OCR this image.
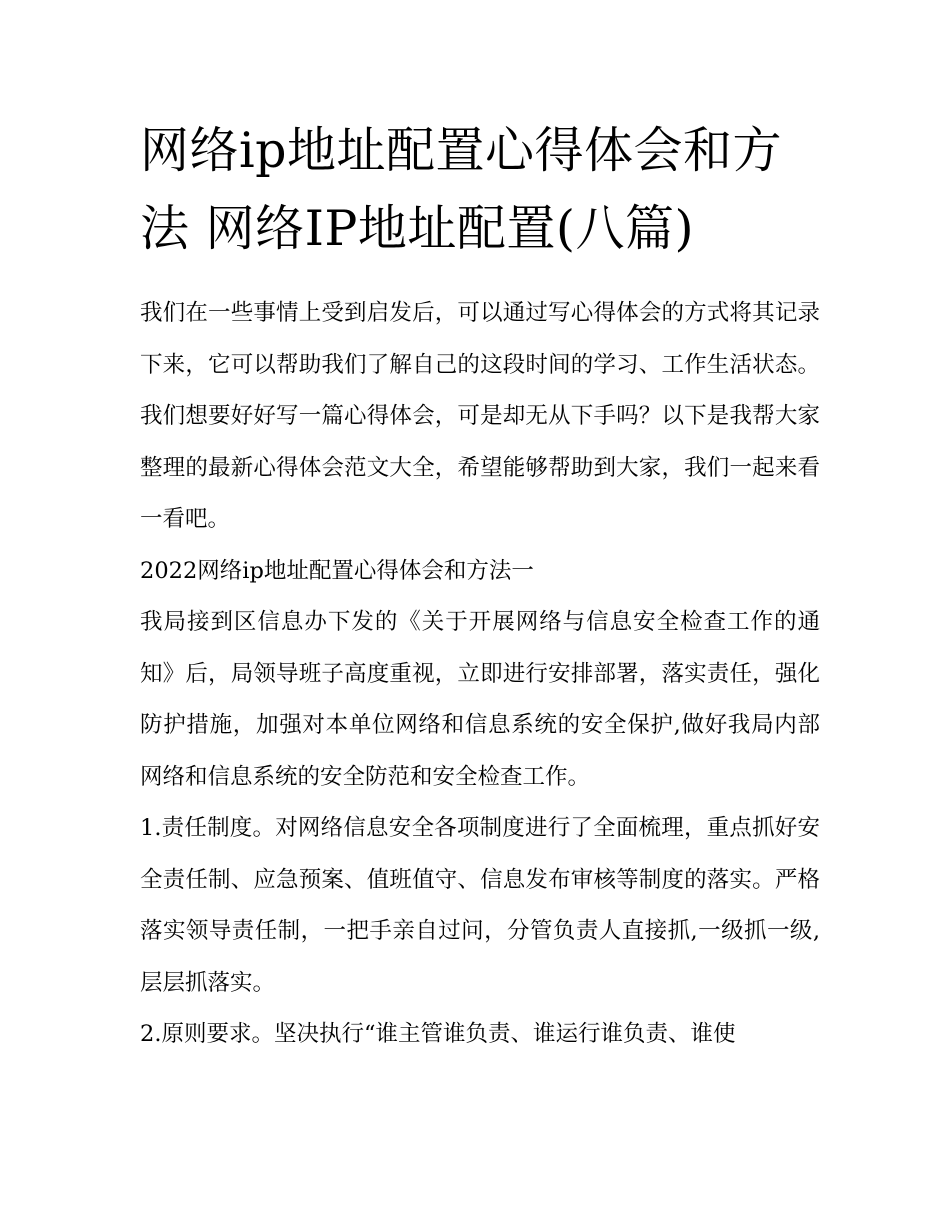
网络ip地址配置心得体会和方法 网络IP地址配置(八篇)

我们在一些事情上受到启发后，可以通过写心得体会的方式将其记录下来，它可以帮助我们了解自己的这段时间的学习、工作生活状态。我们想要好好写一篇心得体会，可是却无从下手吗？以下是我帮大家整理的最新心得体会范文大全，希望能够帮助到大家，我们一起来看一看吧。

2022网络ip地址配置心得体会和方法一

我局接到区信息办下发的《关于开展网络与信息安全检查工作的通知》后，局领导班子高度重视，立即进行安排部署，落实责任，强化防护措施，加强对本单位网络和信息系统的安全保护,做好我局内部网络和信息系统的安全防范和安全检查工作。

1.责任制度。对网络信息安全各项制度进行了全面梳理，重点抓好安全责任制、应急预案、值班值守、信息发布审核等制度的落实。严格落实领导责任制，一把手亲自过问，分管负责人直接抓,一级抓一级,层层抓落实。

2.原则要求。坚决执行“谁主管谁负责、谁运行谁负责、谁使
